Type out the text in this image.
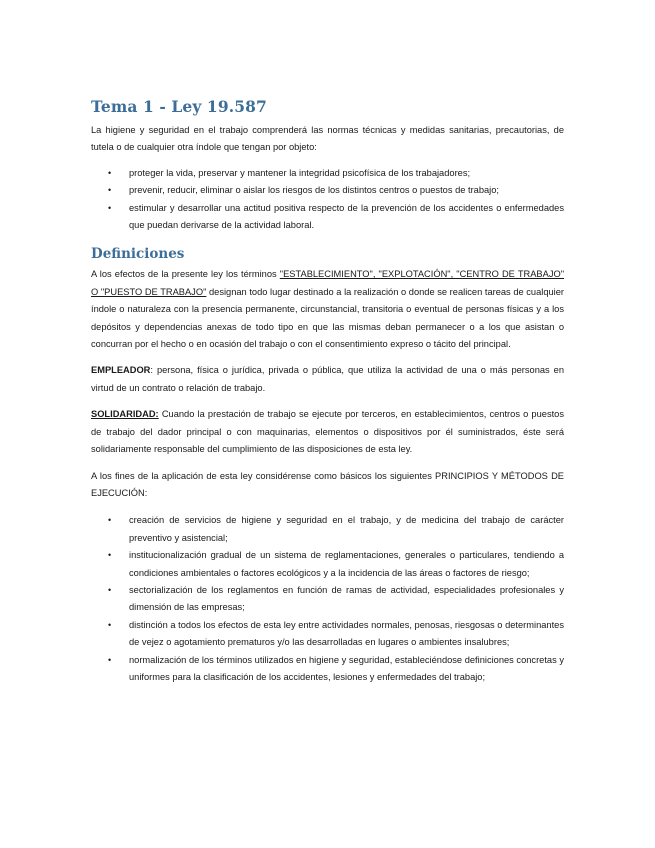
Tema 1 - Ley 19.587

La higiene y seguridad en el trabajo comprenderá las normas técnicas y medidas sanitarias, precautorias, de tutela o de cualquier otra índole que tengan por objeto:

• proteger la vida, preservar y mantener la integridad psicofísica de los trabajadores;
• prevenir, reducir, eliminar o aislar los riesgos de los distintos centros o puestos de trabajo;
• estimular y desarrollar una actitud positiva respecto de la prevención de los accidentes o enfermedades que puedan derivarse de la actividad laboral.
Definiciones

A los efectos de la presente ley los términos "ESTABLECIMIENTO", "EXPLOTACIÓN", "CENTRO DE TRABAJO" O "PUESTO DE TRABAJO" designan todo lugar destinado a la realización o donde se realicen tareas de cualquier índole o naturaleza con la presencia permanente, circunstancial, transitoria o eventual de personas físicas y a los depósitos y dependencias anexas de todo tipo en que las mismas deban permanecer o a los que asistan o concurran por el hecho o en ocasión del trabajo o con el consentimiento expreso o tácito del principal.

EMPLEADOR: persona, física o jurídica, privada o pública, que utiliza la actividad de una o más personas en virtud de un contrato o relación de trabajo.

SOLIDARIDAD: Cuando la prestación de trabajo se ejecute por terceros, en establecimientos, centros o puestos de trabajo del dador principal o con maquinarias, elementos o dispositivos por él suministrados, éste será solidariamente responsable del cumplimiento de las disposiciones de esta ley.

A los fines de la aplicación de esta ley considérense como básicos los siguientes PRINCIPIOS Y MÉTODOS DE EJECUCIÓN:

• creación de servicios de higiene y seguridad en el trabajo, y de medicina del trabajo de carácter preventivo y asistencial;
• institucionalización gradual de un sistema de reglamentaciones, generales o particulares, tendiendo a condiciones ambientales o factores ecológicos y a la incidencia de las áreas o factores de riesgo;
• sectorialización de los reglamentos en función de ramas de actividad, especialidades profesionales y dimensión de las empresas;
• distinción a todos los efectos de esta ley entre actividades normales, penosas, riesgosas o determinantes de vejez o agotamiento prematuros y/o las desarrolladas en lugares o ambientes insalubres;
• normalización de los términos utilizados en higiene y seguridad, estableciéndose definiciones concretas y uniformes para la clasificación de los accidentes, lesiones y enfermedades del trabajo;
